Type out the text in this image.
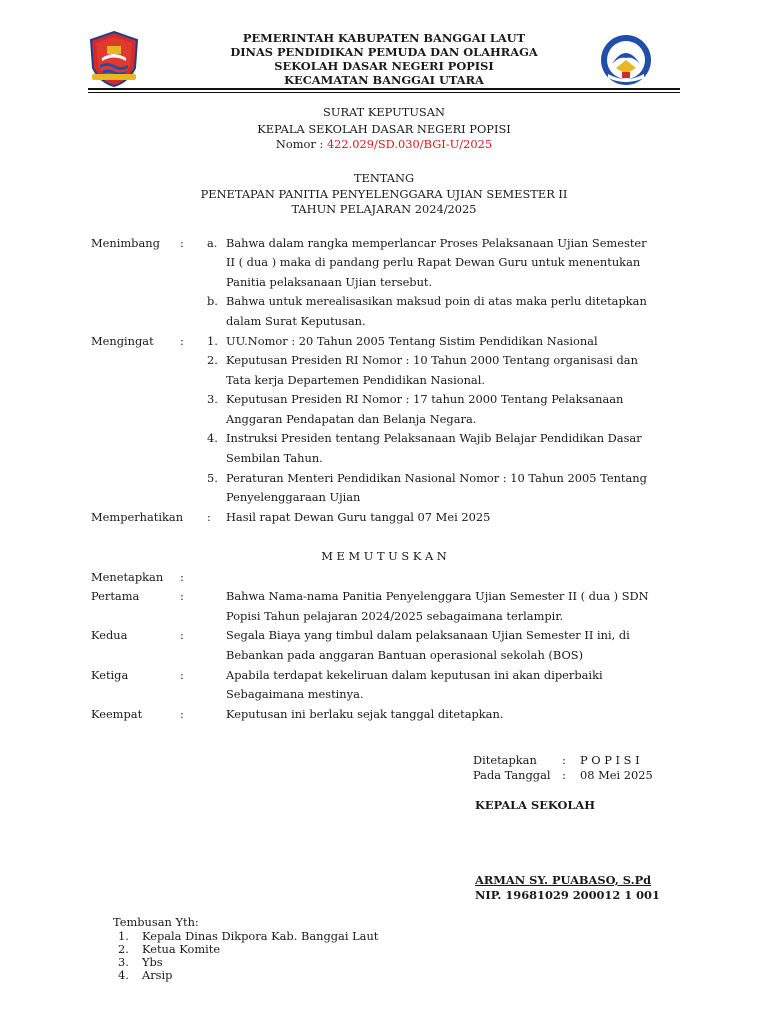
PEMERINTAH KABUPATEN BANGGAI LAUT
DINAS PENDIDIKAN PEMUDA DAN OLAHRAGA
SEKOLAH DASAR NEGERI POPISI
KECAMATAN BANGGAI UTARA
SURAT KEPUTUSAN
KEPALA SEKOLAH DASAR NEGERI POPISI
Nomor : 422.029/SD.030/BGI-U/2025
TENTANG
PENETAPAN PANITIA PENYELENGGARA UJIAN SEMESTER II
TAHUN PELAJARAN 2024/2025
Menimbang : a. Bahwa dalam rangka memperlancar Proses Pelaksanaan Ujian Semester
II ( dua ) maka di pandang perlu Rapat Dewan Guru untuk menentukan
Panitia pelaksanaan Ujian tersebut.
b. Bahwa untuk merealisasikan maksud poin di atas maka perlu ditetapkan
dalam Surat Keputusan.
Mengingat : 1. UU.Nomor : 20 Tahun 2005 Tentang Sistim Pendidikan Nasional
2. Keputusan Presiden RI Nomor : 10 Tahun 2000 Tentang organisasi dan
Tata kerja Departemen Pendidikan Nasional.
3. Keputusan Presiden RI Nomor : 17 tahun 2000 Tentang Pelaksanaan
Anggaran Pendapatan dan Belanja Negara.
4. Instruksi Presiden tentang Pelaksanaan Wajib Belajar Pendidikan Dasar
Sembilan Tahun.
5. Peraturan Menteri Pendidikan Nasional Nomor : 10 Tahun 2005 Tentang
Penyelenggaraan Ujian
Memperhatikan : Hasil rapat Dewan Guru tanggal 07 Mei 2025
M E M U T U S K A N
Menetapkan :
Pertama	:	Bahwa Nama-nama Panitia Penyelenggara Ujian Semester II ( dua ) SDN
Popisi Tahun pelajaran 2024/2025 sebagaimana terlampir.
Kedua	:	Segala Biaya yang timbul dalam pelaksanaan Ujian Semester II ini, di
Bebankan pada anggaran Bantuan operasional sekolah (BOS)
Ketiga	:	Apabila terdapat kekeliruan dalam keputusan ini akan diperbaiki
Sebagaimana mestinya.
Keempat	:	Keputusan ini berlaku sejak tanggal ditetapkan.
Ditetapkan : P O P I S I
Pada Tanggal : 08 Mei 2025
KEPALA SEKOLAH
ARMAN SY. PUABASO, S.Pd
NIP. 19681029 200012 1 001
Tembusan Yth:
1. Kepala Dinas Dikpora Kab. Banggai Laut
2. Ketua Komite
3. Ybs
4. Arsip
